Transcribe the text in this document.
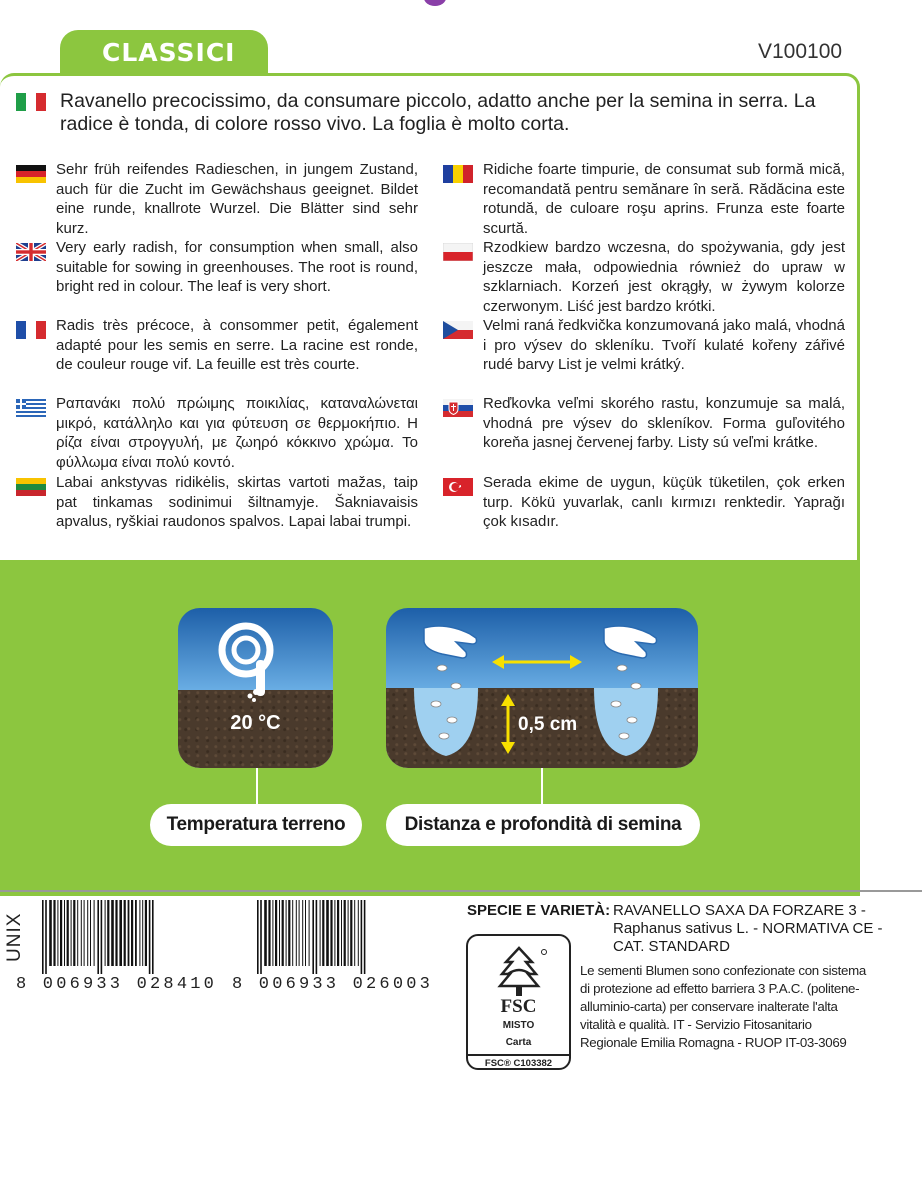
CLASSICI	V100100
Ravanello precocissimo, da consumare piccolo, adatto anche per la semina in serra. La radice è tonda, di colore rosso vivo. La foglia è molto corta.
Sehr früh reifendes Radieschen, in jungem Zustand, auch für die Zucht im Gewächshaus geeignet. Bildet eine runde, knallrote Wurzel. Die Blätter sind sehr kurz.
Very early radish, for consumption when small, also suitable for sowing in greenhouses. The root is round, bright red in colour. The leaf is very short.
Radis très précoce, à consommer petit, également adapté pour les semis en serre. La racine est ronde, de couleur rouge vif. La feuille est très courte.
Ραπανάκι πολύ πρώιμης ποικιλίας, καταναλώνεται μικρό, κατάλληλο και για φύτευση σε θερμοκήπιο. Η ρίζα είναι στρογγυλή, με ζωηρό κόκκινο χρώμα. Το φύλλωμα είναι πολύ κοντό.
Labai ankstyvas ridikėlis, skirtas vartoti mažas, taip pat tinkamas sodinimui šiltnamyje. Šakniavaisis apvalus, ryškiai raudonos spalvos. Lapai labai trumpi.
Ridiche foarte timpurie, de consumat sub formă mică, recomandată pentru semănare în seră. Rădăcina este rotundă, de culoare roşu aprins. Frunza este foarte scurtă.
Rzodkiew bardzo wczesna, do spożywania, gdy jest jeszcze mała, odpowiednia również do upraw w szklarniach. Korzeń jest okrągły, w żywym kolorze czerwonym. Liść jest bardzo krótki.
Velmi raná ředkvička konzumovaná jako malá, vhodná i pro výsev do skleníku. Tvoří kulaté kořeny zářivé rudé barvy List je velmi krátký.
Reďkovka veľmi skorého rastu, konzumuje sa malá, vhodná pre výsev do skleníkov. Forma guľovitého koreňa jasnej červenej farby. Listy sú veľmi krátke.
Serada ekime de uygun, küçük tüketilen, çok erken turp. Kökü yuvarlak, canlı kırmızı renktedir. Yaprağı çok kısadır.
20 °C
Temperatura terreno
0,5 cm
Distanza e profondità di semina
UNIX
8 006933 028410 8 006933 026003
SPECIE E VARIETÀ: RAVANELLO SAXA DA FORZARE 3 - Raphanus sativus L. - NORMATIVA CE - CAT. STANDARD
FSC
MISTO
Carta
FSC® C103382
Le sementi Blumen sono confezionate con sistema di protezione ad effetto barriera 3 P.A.C. (politene-alluminio-carta) per conservare inalterate l'alta vitalità e qualità. IT - Servizio Fitosanitario Regionale Emilia Romagna - RUOP IT-03-3069
